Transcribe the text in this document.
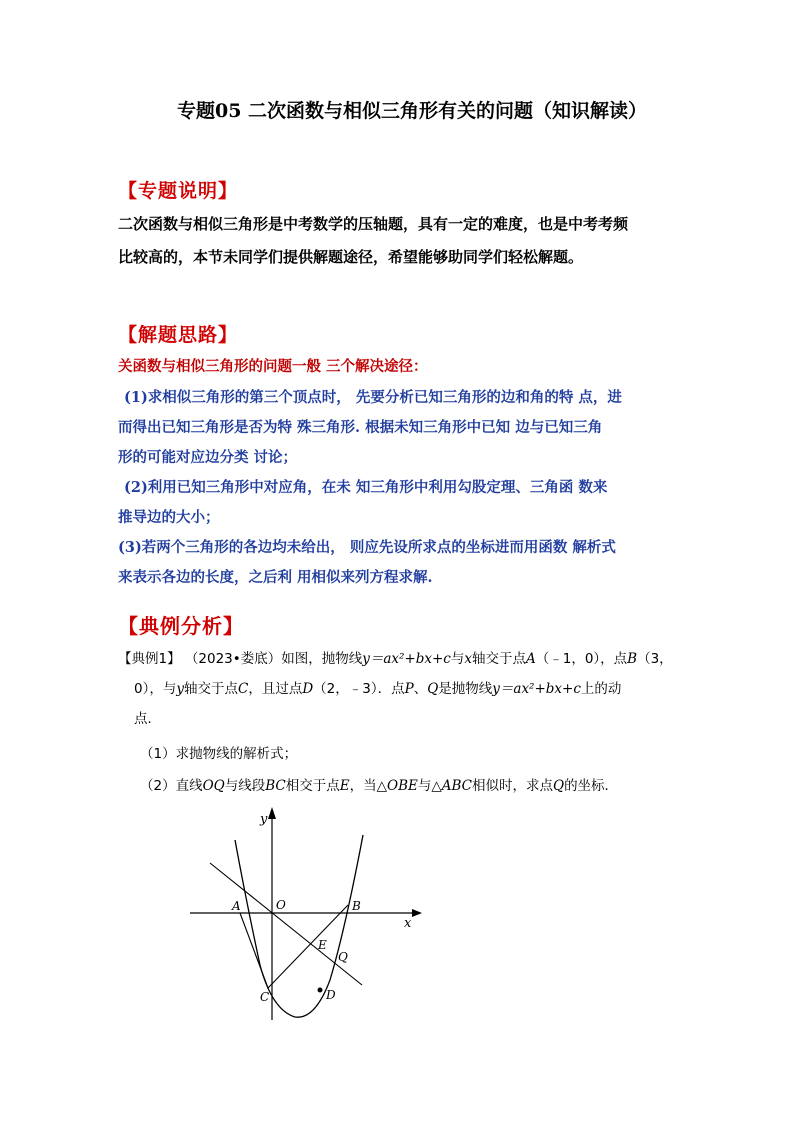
专题05 二次函数与相似三角形有关的问题（知识解读）
【专题说明】
二次函数与相似三角形是中考数学的压轴题，具有一定的难度，也是中考考频
比较高的，本节未同学们提供解题途径，希望能够助同学们轻松解题。
【解题思路】
关函数与相似三角形的问题一般 三个解决途径：
(1)求相似三角形的第三个顶点时， 先要分析已知三角形的边和角的特 点，进
而得出已知三角形是否为特 殊三角形. 根据未知三角形中已知 边与已知三角
形的可能对应边分类 讨论；
(2)利用已知三角形中对应角，在未 知三角形中利用勾股定理、三角函 数来
推导边的大小；
(3)若两个三角形的各边均未给出， 则应先设所求点的坐标进而用函数 解析式
来表示各边的长度，之后利 用相似来列方程求解.
【典例分析】
【典例1】 （2023•娄底）如图，抛物线y＝ax²+bx+c与x轴交于点A（﹣1，0），点B（3，
0），与y轴交于点C，且过点D（2，﹣3）．点P、Q是抛物线y＝ax²+bx+c上的动
点．
（1）求抛物线的解析式；
（2）直线OQ与线段BC相交于点E，当△OBE与△ABC相似时，求点Q的坐标．
y
x
O
A	B
C	D
E
Q
